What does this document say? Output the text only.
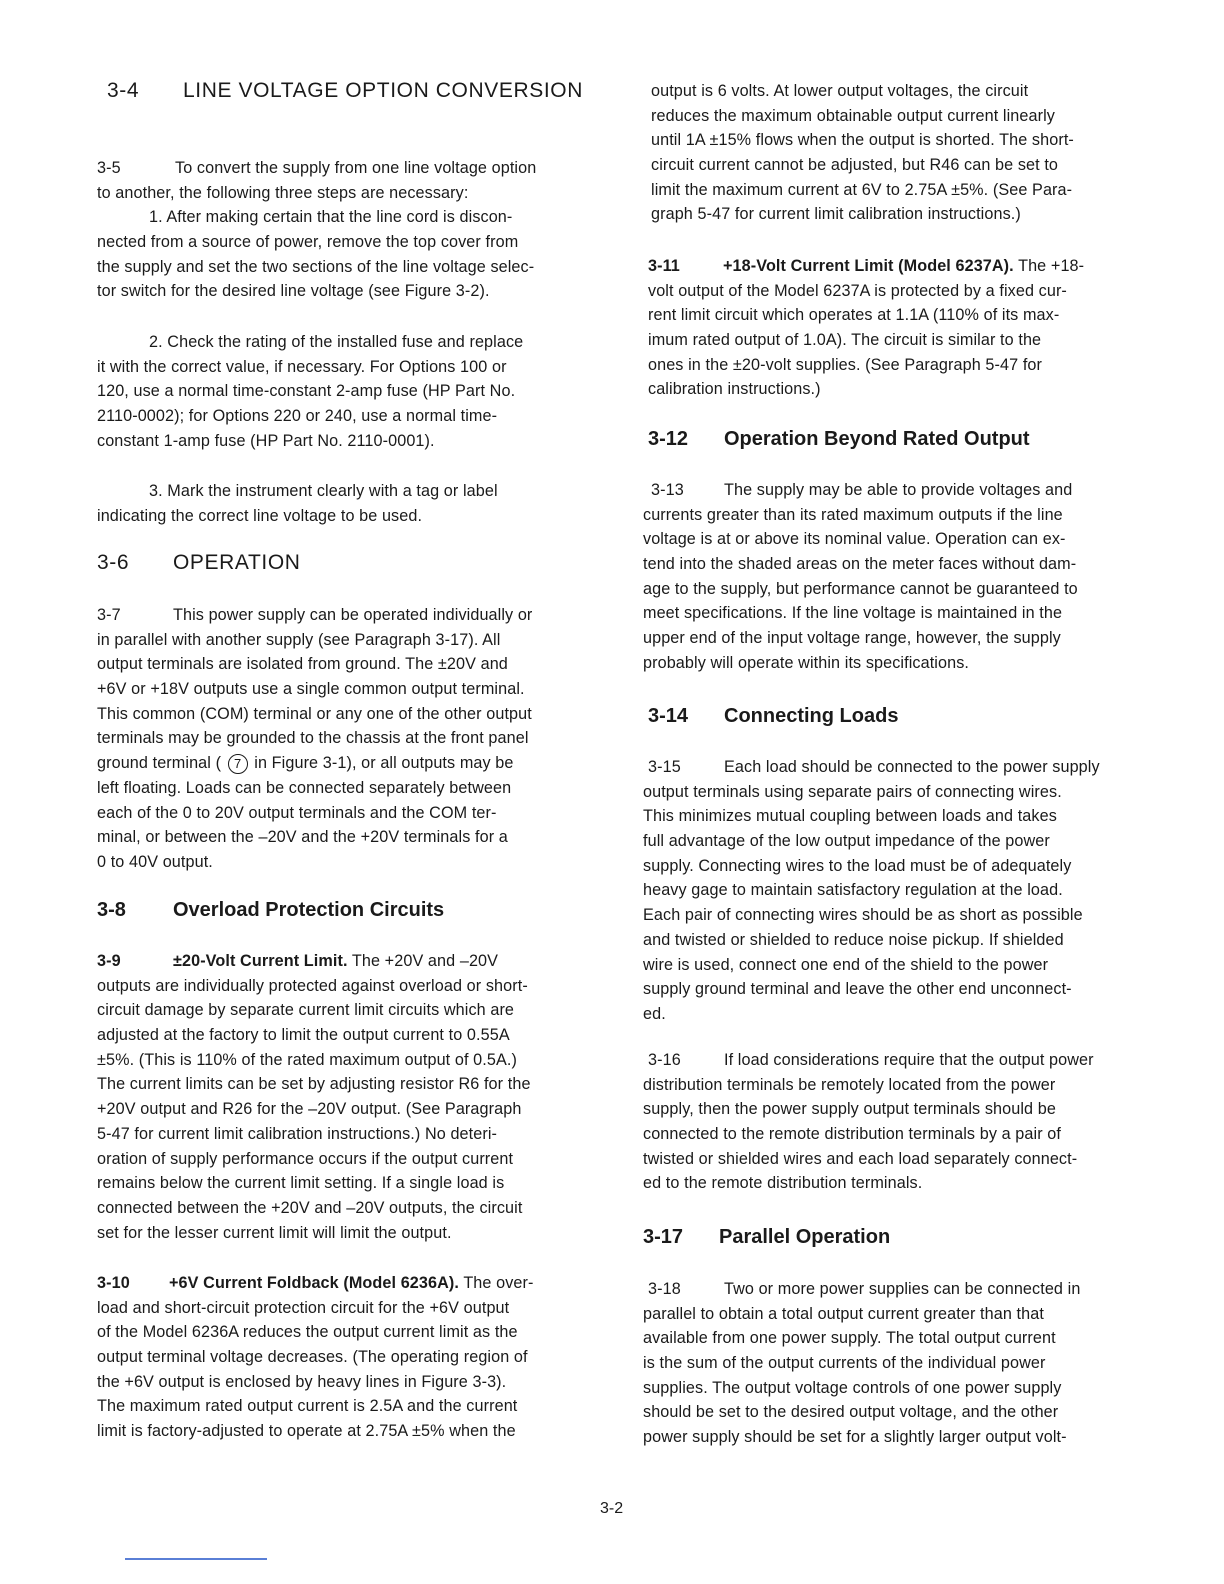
3-4 LINE VOLTAGE OPTION CONVERSION
3-5	To convert the supply from one line voltage option
to another, the following three steps are necessary:
1. After making certain that the line cord is discon-
nected from a source of power, remove the top cover from
the supply and set the two sections of the line voltage selec-
tor switch for the desired line voltage (see Figure 3-2).
2. Check the rating of the installed fuse and replace
it with the correct value, if necessary. For Options 100 or
120, use a normal time-constant 2-amp fuse (HP Part No.
2110-0002); for Options 220 or 240, use a normal time-
constant 1-amp fuse (HP Part No. 2110-0001).
3. Mark the instrument clearly with a tag or label
indicating the correct line voltage to be used.
3-6 OPERATION
3-7	This power supply can be operated individually or
in parallel with another supply (see Paragraph 3-17). All
output terminals are isolated from ground. The ±20V and
+6V or +18V outputs use a single common output terminal.
This common (COM) terminal or any one of the other output
terminals may be grounded to the chassis at the front panel
ground terminal ( 7 in Figure 3-1), or all outputs may be
left floating. Loads can be connected separately between
each of the 0 to 20V output terminals and the COM ter-
minal, or between the –20V and the +20V terminals for a
0 to 40V output.
3-8 Overload Protection Circuits
3-9	±20-Volt Current Limit. The +20V and –20V
outputs are individually protected against overload or short-
circuit damage by separate current limit circuits which are
adjusted at the factory to limit the output current to 0.55A
±5%. (This is 110% of the rated maximum output of 0.5A.)
The current limits can be set by adjusting resistor R6 for the
+20V output and R26 for the –20V output. (See Paragraph
5-47 for current limit calibration instructions.) No deteri-
oration of supply performance occurs if the output current
remains below the current limit setting. If a single load is
connected between the +20V and –20V outputs, the circuit
set for the lesser current limit will limit the output.
3-10 +6V Current Foldback (Model 6236A). The over-
load and short-circuit protection circuit for the +6V output
of the Model 6236A reduces the output current limit as the
output terminal voltage decreases. (The operating region of
the +6V output is enclosed by heavy lines in Figure 3-3).
The maximum rated output current is 2.5A and the current
limit is factory-adjusted to operate at 2.75A ±5% when the
output is 6 volts. At lower output voltages, the circuit
reduces the maximum obtainable output current linearly
until 1A ±15% flows when the output is shorted. The short-
circuit current cannot be adjusted, but R46 can be set to
limit the maximum current at 6V to 2.75A ±5%. (See Para-
graph 5-47 for current limit calibration instructions.)
3-11	+18-Volt Current Limit (Model 6237A). The +18-
volt output of the Model 6237A is protected by a fixed cur-
rent limit circuit which operates at 1.1A (110% of its max-
imum rated output of 1.0A). The circuit is similar to the
ones in the ±20-volt supplies. (See Paragraph 5-47 for
calibration instructions.)
3-12 Operation Beyond Rated Output
3-13 The supply may be able to provide voltages and
currents greater than its rated maximum outputs if the line
voltage is at or above its nominal value. Operation can ex-
tend into the shaded areas on the meter faces without dam-
age to the supply, but performance cannot be guaranteed to
meet specifications. If the line voltage is maintained in the
upper end of the input voltage range, however, the supply
probably will operate within its specifications.
3-14 Connecting Loads
3-15	Each load should be connected to the power supply
output terminals using separate pairs of connecting wires.
This minimizes mutual coupling between loads and takes
full advantage of the low output impedance of the power
supply. Connecting wires to the load must be of adequately
heavy gage to maintain satisfactory regulation at the load.
Each pair of connecting wires should be as short as possible
and twisted or shielded to reduce noise pickup. If shielded
wire is used, connect one end of the shield to the power
supply ground terminal and leave the other end unconnect-
ed.
3-16	If load considerations require that the output power
distribution terminals be remotely located from the power
supply, then the power supply output terminals should be
connected to the remote distribution terminals by a pair of
twisted or shielded wires and each load separately connect-
ed to the remote distribution terminals.
3-17 Parallel Operation
3-18	Two or more power supplies can be connected in
parallel to obtain a total output current greater than that
available from one power supply. The total output current
is the sum of the output currents of the individual power
supplies. The output voltage controls of one power supply
should be set to the desired output voltage, and the other
power supply should be set for a slightly larger output volt-
3-2
